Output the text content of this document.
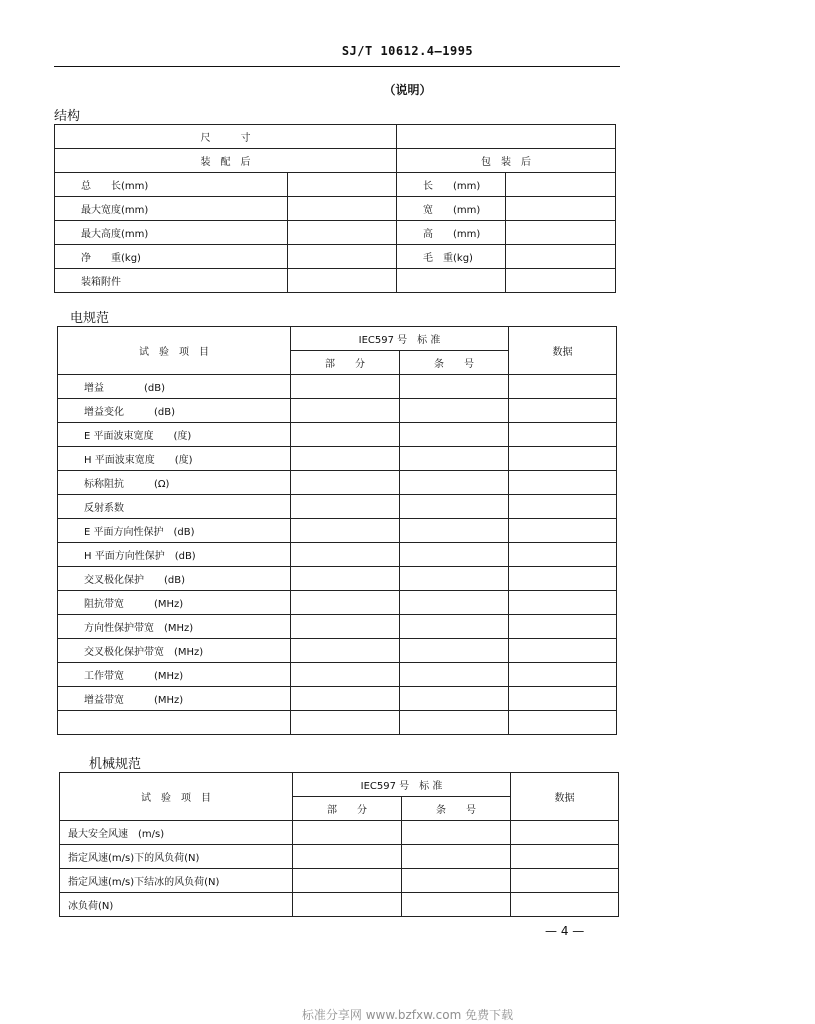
SJ/T 10612.4—1995
（说明）
结构
尺　　　寸			
装　配　后		包　装　后	
总　　长(mm)		长　　(mm)	
最大宽度(mm)		宽　　(mm)	
最大高度(mm)		高　　(mm)	
净　　重(kg)		毛　重(kg)	
装箱附件			
电规范
试　验　项　目	IEC597 号　标 准		数据
	部　　分	条　　号	
增益　　　　(dB)			
增益变化　　　(dB)			
E 平面波束宽度　　(度)			
H 平面波束宽度　　(度)			
标称阻抗　　　(Ω)			
反射系数			
E 平面方向性保护　(dB)			
H 平面方向性保护　(dB)			
交叉极化保护　　(dB)			
阻抗带宽　　　(MHz)			
方向性保护带宽　(MHz)			
交叉极化保护带宽　(MHz)			
工作带宽　　　(MHz)			
增益带宽　　　(MHz)			

机械规范
试　验　项　目	IEC597 号　标 准		数据
	部　　分	条　　号	
最大安全风速　(m/s)			
指定风速(m/s)下的风负荷(N)			
指定风速(m/s)下结冰的风负荷(N)			
冰负荷(N)			
— 4 —
标准分享网 www.bzfxw.com 免费下载
